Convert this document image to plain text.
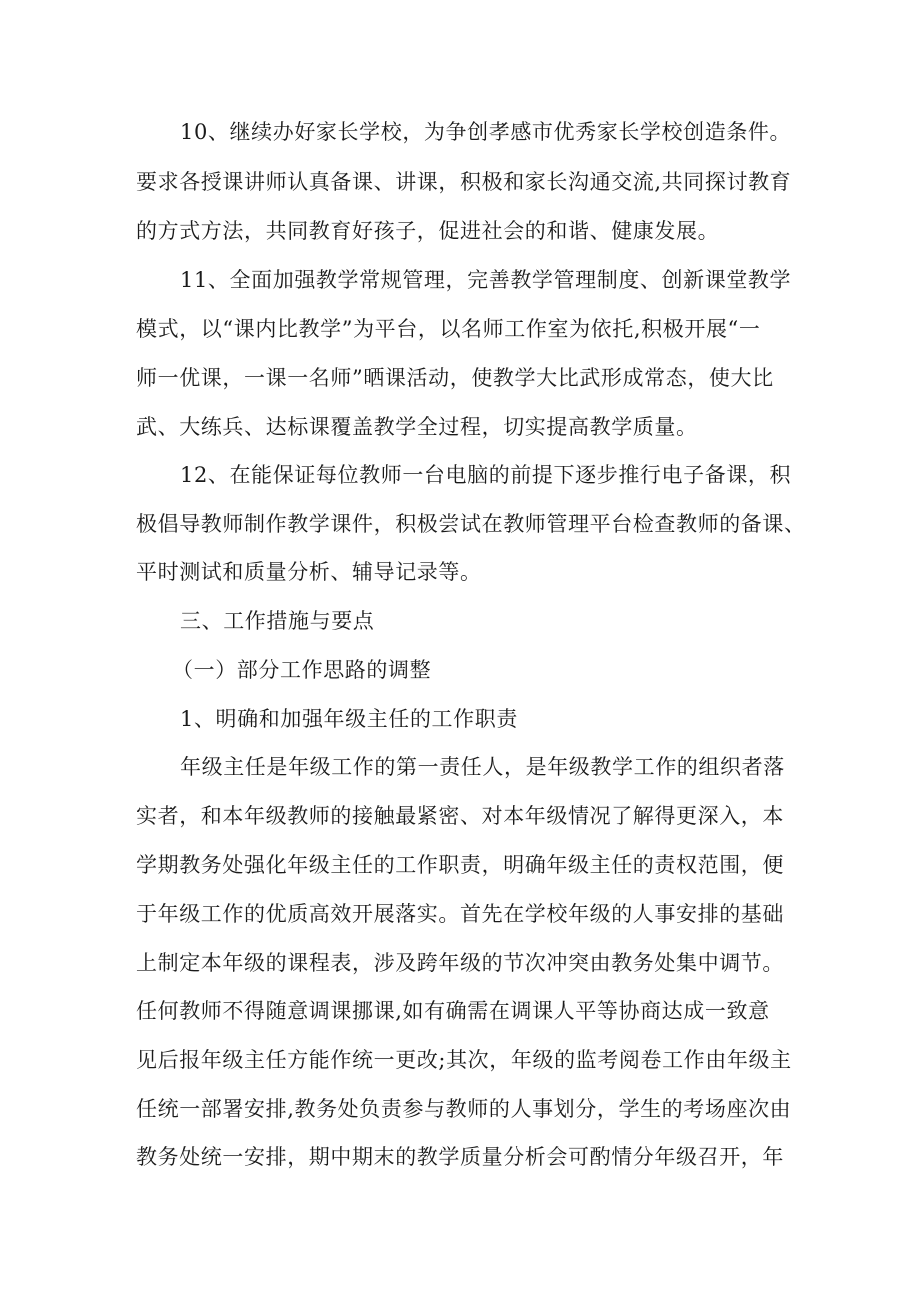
10、继续办好家长学校，为争创孝感市优秀家长学校创造条件。
要求各授课讲师认真备课、讲课，积极和家长沟通交流,共同探讨教育
的方式方法，共同教育好孩子，促进社会的和谐、健康发展。
11、全面加强教学常规管理，完善教学管理制度、创新课堂教学
模式，以“课内比教学”为平台，以名师工作室为依托,积极开展“一
师一优课，一课一名师”晒课活动，使教学大比武形成常态，使大比
武、大练兵、达标课覆盖教学全过程，切实提高教学质量。
12、在能保证每位教师一台电脑的前提下逐步推行电子备课，积
极倡导教师制作教学课件，积极尝试在教师管理平台检查教师的备课、
平时测试和质量分析、辅导记录等。
三、工作措施与要点
（一）部分工作思路的调整
1、明确和加强年级主任的工作职责
年级主任是年级工作的第一责任人，是年级教学工作的组织者落
实者，和本年级教师的接触最紧密、对本年级情况了解得更深入，本
学期教务处强化年级主任的工作职责，明确年级主任的责权范围，便
于年级工作的优质高效开展落实。首先在学校年级的人事安排的基础
上制定本年级的课程表，涉及跨年级的节次冲突由教务处集中调节。
任何教师不得随意调课挪课,如有确需在调课人平等协商达成一致意
见后报年级主任方能作统一更改;其次，年级的监考阅卷工作由年级主
任统一部署安排,教务处负责参与教师的人事划分，学生的考场座次由
教务处统一安排，期中期末的教学质量分析会可酌情分年级召开，年
